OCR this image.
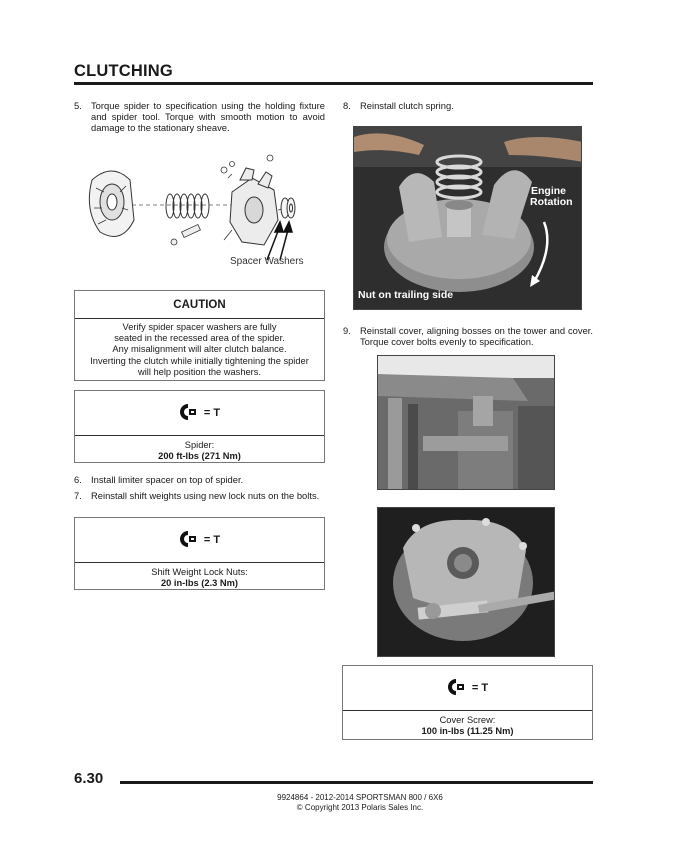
CLUTCHING
5. Torque spider to specification using the holding fixture and spider tool. Torque with smooth motion to avoid damage to the stationary sheave.
Spacer Washers
CAUTION
Verify spider spacer washers are fully
seated in the recessed area of the spider.
Any misalignment will alter clutch balance.
Inverting the clutch while initially tightening the spider
will help position the washers.
= T
Spider:
200 ft-lbs (271 Nm)
6. Install limiter spacer on top of spider.
7. Reinstall shift weights using new lock nuts on the bolts.
= T
Shift Weight Lock Nuts:
20 in-lbs (2.3 Nm)
8. Reinstall clutch spring.
Engine
Rotation
Nut on trailing side
9. Reinstall cover, aligning bosses on the tower and cover. Torque cover bolts evenly to specification.
= T
Cover Screw:
100 in-lbs (11.25 Nm)
6.30
9924864 - 2012-2014 SPORTSMAN 800 / 6X6
© Copyright 2013 Polaris Sales Inc.
